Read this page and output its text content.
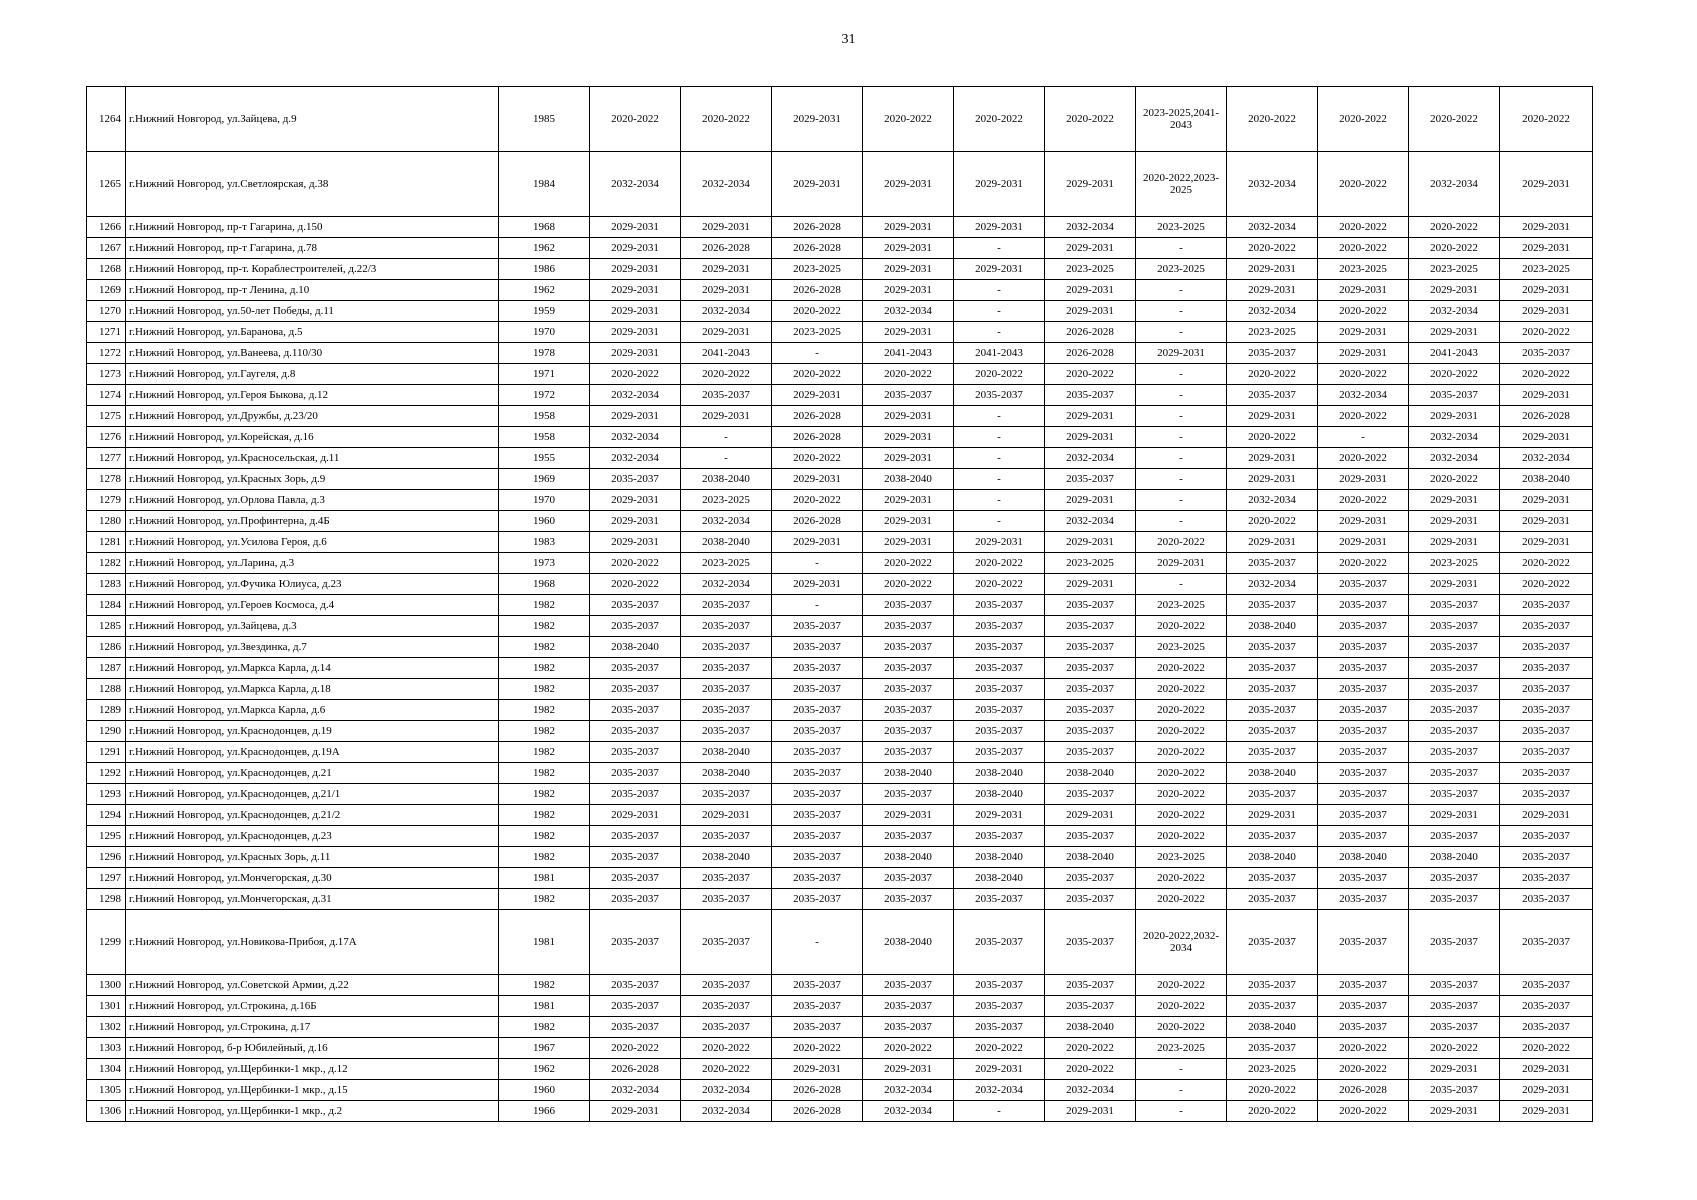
31
1264	г.Нижний Новгород, ул.Зайцева, д.9	1985	2020-2022	2020-2022	2029-2031	2020-2022	2020-2022	2020-2022	2023-2025,2041-2043	2020-2022	2020-2022	2020-2022	2020-2022
1265	г.Нижний Новгород, ул.Светлоярская, д.38	1984	2032-2034	2032-2034	2029-2031	2029-2031	2029-2031	2029-2031	2020-2022,2023-2025	2032-2034	2020-2022	2032-2034	2029-2031
1266	г.Нижний Новгород, пр-т Гагарина, д.150	1968	2029-2031	2029-2031	2026-2028	2029-2031	2029-2031	2032-2034	2023-2025	2032-2034	2020-2022	2020-2022	2029-2031
1267	г.Нижний Новгород, пр-т Гагарина, д.78	1962	2029-2031	2026-2028	2026-2028	2029-2031	-	2029-2031	-	2020-2022	2020-2022	2020-2022	2029-2031
1268	г.Нижний Новгород, пр-т. Кораблестроителей, д.22/3	1986	2029-2031	2029-2031	2023-2025	2029-2031	2029-2031	2023-2025	2023-2025	2029-2031	2023-2025	2023-2025	2023-2025
1269	г.Нижний Новгород, пр-т Ленина, д.10	1962	2029-2031	2029-2031	2026-2028	2029-2031	-	2029-2031	-	2029-2031	2029-2031	2029-2031	2029-2031
1270	г.Нижний Новгород, ул.50-лет Победы, д.11	1959	2029-2031	2032-2034	2020-2022	2032-2034	-	2029-2031	-	2032-2034	2020-2022	2032-2034	2029-2031
1271	г.Нижний Новгород, ул.Баранова, д.5	1970	2029-2031	2029-2031	2023-2025	2029-2031	-	2026-2028	-	2023-2025	2029-2031	2029-2031	2020-2022
1272	г.Нижний Новгород, ул.Ванеева, д.110/30	1978	2029-2031	2041-2043	-	2041-2043	2041-2043	2026-2028	2029-2031	2035-2037	2029-2031	2041-2043	2035-2037
1273	г.Нижний Новгород, ул.Гаугеля, д.8	1971	2020-2022	2020-2022	2020-2022	2020-2022	2020-2022	2020-2022	-	2020-2022	2020-2022	2020-2022	2020-2022
1274	г.Нижний Новгород, ул.Героя Быкова, д.12	1972	2032-2034	2035-2037	2029-2031	2035-2037	2035-2037	2035-2037	-	2035-2037	2032-2034	2035-2037	2029-2031
1275	г.Нижний Новгород, ул.Дружбы, д.23/20	1958	2029-2031	2029-2031	2026-2028	2029-2031	-	2029-2031	-	2029-2031	2020-2022	2029-2031	2026-2028
1276	г.Нижний Новгород, ул.Корейская, д.16	1958	2032-2034	-	2026-2028	2029-2031	-	2029-2031	-	2020-2022	-	2032-2034	2029-2031
1277	г.Нижний Новгород, ул.Красносельская, д.11	1955	2032-2034	-	2020-2022	2029-2031	-	2032-2034	-	2029-2031	2020-2022	2032-2034	2032-2034
1278	г.Нижний Новгород, ул.Красных Зорь, д.9	1969	2035-2037	2038-2040	2029-2031	2038-2040	-	2035-2037	-	2029-2031	2029-2031	2020-2022	2038-2040
1279	г.Нижний Новгород, ул.Орлова Павла, д.3	1970	2029-2031	2023-2025	2020-2022	2029-2031	-	2029-2031	-	2032-2034	2020-2022	2029-2031	2029-2031
1280	г.Нижний Новгород, ул.Профинтерна, д.4Б	1960	2029-2031	2032-2034	2026-2028	2029-2031	-	2032-2034	-	2020-2022	2029-2031	2029-2031	2029-2031
1281	г.Нижний Новгород, ул.Усилова Героя, д.6	1983	2029-2031	2038-2040	2029-2031	2029-2031	2029-2031	2029-2031	2020-2022	2029-2031	2029-2031	2029-2031	2029-2031
1282	г.Нижний Новгород, ул.Ларина, д.3	1973	2020-2022	2023-2025	-	2020-2022	2020-2022	2023-2025	2029-2031	2035-2037	2020-2022	2023-2025	2020-2022
1283	г.Нижний Новгород, ул.Фучика Юлиуса, д.23	1968	2020-2022	2032-2034	2029-2031	2020-2022	2020-2022	2029-2031	-	2032-2034	2035-2037	2029-2031	2020-2022
1284	г.Нижний Новгород, ул.Героев Космоса, д.4	1982	2035-2037	2035-2037	-	2035-2037	2035-2037	2035-2037	2023-2025	2035-2037	2035-2037	2035-2037	2035-2037
1285	г.Нижний Новгород, ул.Зайцева, д.3	1982	2035-2037	2035-2037	2035-2037	2035-2037	2035-2037	2035-2037	2020-2022	2038-2040	2035-2037	2035-2037	2035-2037
1286	г.Нижний Новгород, ул.Звездинка, д.7	1982	2038-2040	2035-2037	2035-2037	2035-2037	2035-2037	2035-2037	2023-2025	2035-2037	2035-2037	2035-2037	2035-2037
1287	г.Нижний Новгород, ул.Маркса Карла, д.14	1982	2035-2037	2035-2037	2035-2037	2035-2037	2035-2037	2035-2037	2020-2022	2035-2037	2035-2037	2035-2037	2035-2037
1288	г.Нижний Новгород, ул.Маркса Карла, д.18	1982	2035-2037	2035-2037	2035-2037	2035-2037	2035-2037	2035-2037	2020-2022	2035-2037	2035-2037	2035-2037	2035-2037
1289	г.Нижний Новгород, ул.Маркса Карла, д.6	1982	2035-2037	2035-2037	2035-2037	2035-2037	2035-2037	2035-2037	2020-2022	2035-2037	2035-2037	2035-2037	2035-2037
1290	г.Нижний Новгород, ул.Краснодонцев, д.19	1982	2035-2037	2035-2037	2035-2037	2035-2037	2035-2037	2035-2037	2020-2022	2035-2037	2035-2037	2035-2037	2035-2037
1291	г.Нижний Новгород, ул.Краснодонцев, д.19А	1982	2035-2037	2038-2040	2035-2037	2035-2037	2035-2037	2035-2037	2020-2022	2035-2037	2035-2037	2035-2037	2035-2037
1292	г.Нижний Новгород, ул.Краснодонцев, д.21	1982	2035-2037	2038-2040	2035-2037	2038-2040	2038-2040	2038-2040	2020-2022	2038-2040	2035-2037	2035-2037	2035-2037
1293	г.Нижний Новгород, ул.Краснодонцев, д.21/1	1982	2035-2037	2035-2037	2035-2037	2035-2037	2038-2040	2035-2037	2020-2022	2035-2037	2035-2037	2035-2037	2035-2037
1294	г.Нижний Новгород, ул.Краснодонцев, д.21/2	1982	2029-2031	2029-2031	2035-2037	2029-2031	2029-2031	2029-2031	2020-2022	2029-2031	2035-2037	2029-2031	2029-2031
1295	г.Нижний Новгород, ул.Краснодонцев, д.23	1982	2035-2037	2035-2037	2035-2037	2035-2037	2035-2037	2035-2037	2020-2022	2035-2037	2035-2037	2035-2037	2035-2037
1296	г.Нижний Новгород, ул.Красных Зорь, д.11	1982	2035-2037	2038-2040	2035-2037	2038-2040	2038-2040	2038-2040	2023-2025	2038-2040	2038-2040	2038-2040	2035-2037
1297	г.Нижний Новгород, ул.Мончегорская, д.30	1981	2035-2037	2035-2037	2035-2037	2035-2037	2038-2040	2035-2037	2020-2022	2035-2037	2035-2037	2035-2037	2035-2037
1298	г.Нижний Новгород, ул.Мончегорская, д.31	1982	2035-2037	2035-2037	2035-2037	2035-2037	2035-2037	2035-2037	2020-2022	2035-2037	2035-2037	2035-2037	2035-2037
1299	г.Нижний Новгород, ул.Новикова-Прибоя, д.17А	1981	2035-2037	2035-2037	-	2038-2040	2035-2037	2035-2037	2020-2022,2032-2034	2035-2037	2035-2037	2035-2037	2035-2037
1300	г.Нижний Новгород, ул.Советской Армии, д.22	1982	2035-2037	2035-2037	2035-2037	2035-2037	2035-2037	2035-2037	2020-2022	2035-2037	2035-2037	2035-2037	2035-2037
1301	г.Нижний Новгород, ул.Строкина, д.16Б	1981	2035-2037	2035-2037	2035-2037	2035-2037	2035-2037	2035-2037	2020-2022	2035-2037	2035-2037	2035-2037	2035-2037
1302	г.Нижний Новгород, ул.Строкина, д.17	1982	2035-2037	2035-2037	2035-2037	2035-2037	2035-2037	2038-2040	2020-2022	2038-2040	2035-2037	2035-2037	2035-2037
1303	г.Нижний Новгород, б-р Юбилейный, д.16	1967	2020-2022	2020-2022	2020-2022	2020-2022	2020-2022	2020-2022	2023-2025	2035-2037	2020-2022	2020-2022	2020-2022
1304	г.Нижний Новгород, ул.Щербинки-1 мкр., д.12	1962	2026-2028	2020-2022	2029-2031	2029-2031	2029-2031	2020-2022	-	2023-2025	2020-2022	2029-2031	2029-2031
1305	г.Нижний Новгород, ул.Щербинки-1 мкр., д.15	1960	2032-2034	2032-2034	2026-2028	2032-2034	2032-2034	2032-2034	-	2020-2022	2026-2028	2035-2037	2029-2031
1306	г.Нижний Новгород, ул.Щербинки-1 мкр., д.2	1966	2029-2031	2032-2034	2026-2028	2032-2034	-	2029-2031	-	2020-2022	2020-2022	2029-2031	2029-2031
